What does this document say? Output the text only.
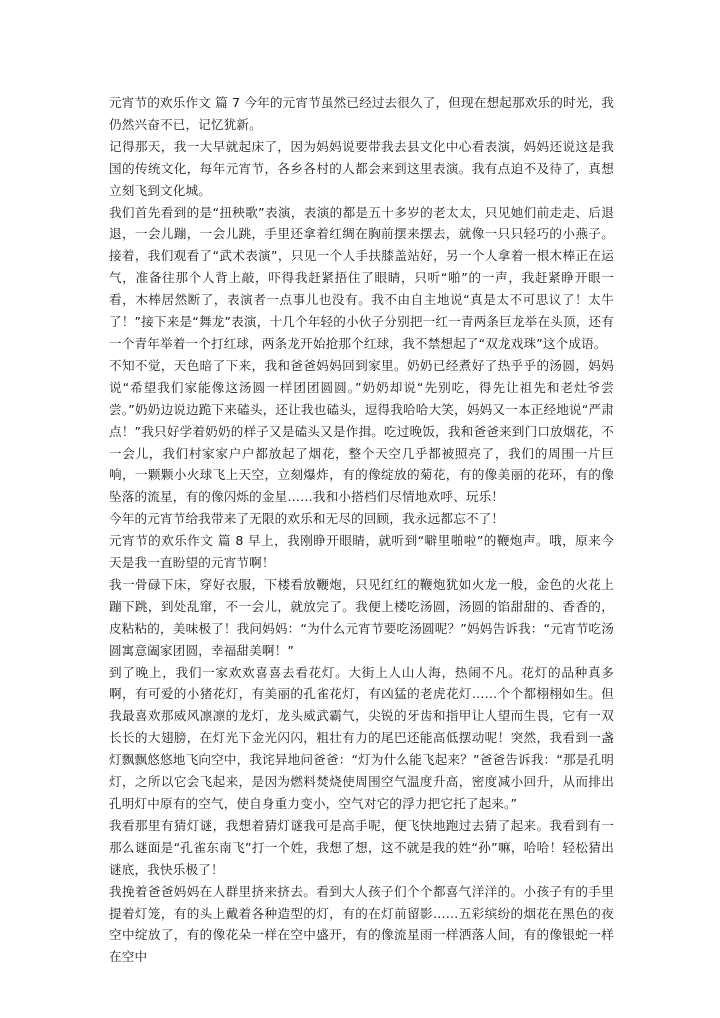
元宵节的欢乐作文 篇 7 今年的元宵节虽然已经过去很久了，但现在想起那欢乐的时光，我仍然兴奋不已，记忆犹新。

记得那天，我一大早就起床了，因为妈妈说要带我去县文化中心看表演，妈妈还说这是我国的传统文化，每年元宵节，各乡各村的人都会来到这里表演。我有点迫不及待了，真想立刻飞到文化城。

我们首先看到的是“扭秧歌”表演，表演的都是五十多岁的老太太，只见她们前走走、后退退，一会儿蹦，一会儿跳，手里还拿着红绸在胸前摆来摆去，就像一只只轻巧的小燕子。接着，我们观看了“武术表演”，只见一个人手扶膝盖站好，另一个人拿着一根木棒正在运气，准备往那个人背上敲，吓得我赶紧捂住了眼睛，只听“啪”的一声，我赶紧睁开眼一看，木棒居然断了，表演者一点事儿也没有。我不由自主地说“真是太不可思议了！太牛了！”接下来是“舞龙”表演，十几个年轻的小伙子分别把一红一青两条巨龙举在头顶，还有一个青年举着一个打红球，两条龙开始抢那个红球，我不禁想起了“双龙戏珠”这个成语。

不知不觉，天色暗了下来，我和爸爸妈妈回到家里。奶奶已经煮好了热乎乎的汤圆，妈妈说“希望我们家能像这汤圆一样团团圆圆。”奶奶却说“先别吃，得先让祖先和老灶爷尝尝。”奶奶边说边跪下来磕头，还让我也磕头，逗得我哈哈大笑，妈妈又一本正经地说“严肃点！”我只好学着奶奶的样子又是磕头又是作揖。吃过晚饭，我和爸爸来到门口放烟花，不一会儿，我们村家家户户都放起了烟花，整个天空几乎都被照亮了，我们的周围一片巨响，一颗颗小火球飞上天空，立刻爆炸，有的像绽放的菊花，有的像美丽的花环，有的像坠落的流星，有的像闪烁的金星……我和小搭档们尽情地欢呼、玩乐！

今年的元宵节给我带来了无限的欢乐和无尽的回顾，我永远都忘不了！

元宵节的欢乐作文 篇 8 早上，我刚睁开眼睛，就听到“噼里啪啦”的鞭炮声。哦，原来今天是我一直盼望的元宵节啊！

我一骨碌下床，穿好衣服，下楼看放鞭炮，只见红红的鞭炮犹如火龙一般，金色的火花上蹦下跳，到处乱窜，不一会儿，就放完了。我便上楼吃汤圆，汤圆的馅甜甜的、香香的，皮粘粘的，美味极了！我问妈妈：“为什么元宵节要吃汤圆呢？”妈妈告诉我：“元宵节吃汤圆寓意阖家团圆，幸福甜美啊！”

到了晚上，我们一家欢欢喜喜去看花灯。大街上人山人海，热闹不凡。花灯的品种真多啊，有可爱的小猪花灯，有美丽的孔雀花灯，有凶猛的老虎花灯……个个都栩栩如生。但我最喜欢那威风凛凛的龙灯，龙头威武霸气，尖锐的牙齿和指甲让人望而生畏，它有一双长长的大翅膀，在灯光下金光闪闪，粗壮有力的尾巴还能高低摆动呢！突然，我看到一盏灯飘飘悠悠地飞向空中，我诧异地问爸爸：“灯为什么能飞起来？”爸爸告诉我：“那是孔明灯，之所以它会飞起来，是因为燃料焚烧使周围空气温度升高，密度减小回升，从而排出孔明灯中原有的空气，使自身重力变小，空气对它的浮力把它托了起来。”

我看那里有猜灯谜，我想着猜灯谜我可是高手呢，便飞快地跑过去猜了起来。我看到有一那么谜面是“孔雀东南飞”打一个姓，我想了想，这不就是我的姓“孙”嘛，哈哈！轻松猜出谜底，我快乐极了！

我挽着爸爸妈妈在人群里挤来挤去。看到大人孩子们个个都喜气洋洋的。小孩子有的手里提着灯笼，有的头上戴着各种造型的灯，有的在灯前留影……五彩缤纷的烟花在黑色的夜空中绽放了，有的像花朵一样在空中盛开，有的像流星雨一样洒落人间，有的像银蛇一样在空中
